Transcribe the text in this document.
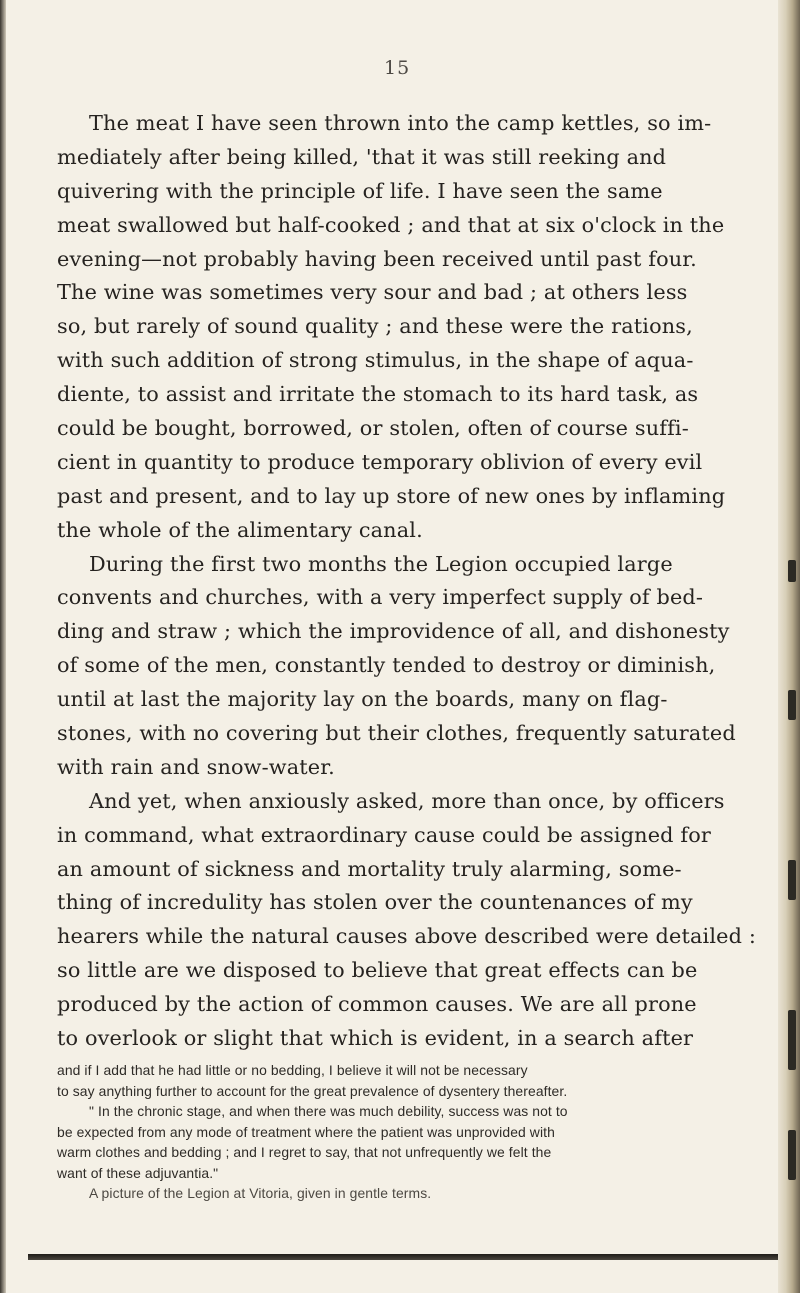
15
The meat I have seen thrown into the camp kettles, so im-
mediately after being killed, 'that it was still reeking and
quivering with the principle of life. I have seen the same
meat swallowed but half-cooked ; and that at six o'clock in the
evening—not probably having been received until past four.
The wine was sometimes very sour and bad ; at others less
so, but rarely of sound quality ; and these were the rations,
with such addition of strong stimulus, in the shape of aqua-
diente, to assist and irritate the stomach to its hard task, as
could be bought, borrowed, or stolen, often of course suffi-
cient in quantity to produce temporary oblivion of every evil
past and present, and to lay up store of new ones by inflaming
the whole of the alimentary canal.
During the first two months the Legion occupied large
convents and churches, with a very imperfect supply of bed-
ding and straw ; which the improvidence of all, and dishonesty
of some of the men, constantly tended to destroy or diminish,
until at last the majority lay on the boards, many on flag-
stones, with no covering but their clothes, frequently saturated
with rain and snow-water.
And yet, when anxiously asked, more than once, by officers
in command, what extraordinary cause could be assigned for
an amount of sickness and mortality truly alarming, some-
thing of incredulity has stolen over the countenances of my
hearers while the natural causes above described were detailed :
so little are we disposed to believe that great effects can be
produced by the action of common causes. We are all prone
to overlook or slight that which is evident, in a search after
and if I add that he had little or no bedding, I believe it will not be necessary
to say anything further to account for the great prevalence of dysentery thereafter.
" In the chronic stage, and when there was much debility, success was not to
be expected from any mode of treatment where the patient was unprovided with
warm clothes and bedding ; and I regret to say, that not unfrequently we felt the
want of these adjuvantia."
A picture of the Legion at Vitoria, given in gentle terms.
